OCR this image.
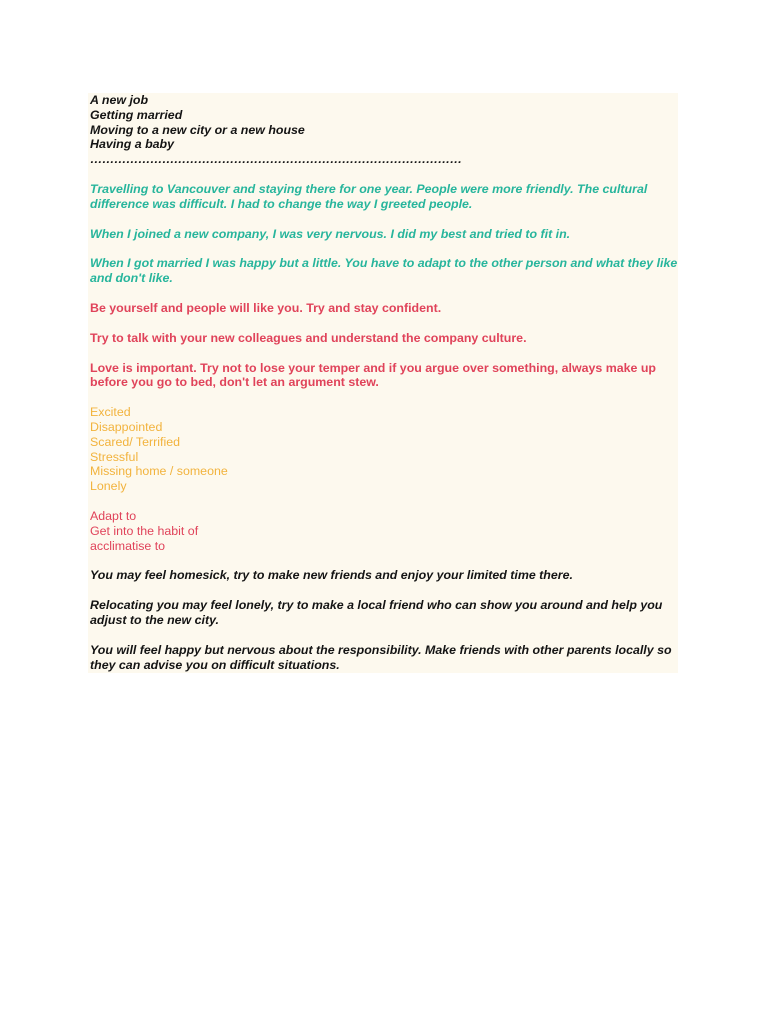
A new job
Getting married
Moving to a new city or a new house
Having a baby
…………………………………………………………………………………
Travelling to Vancouver and staying there for one year. People were more friendly. The cultural difference was difficult. I had to change the way I greeted people.
When I joined a new company, I was very nervous. I did my best and tried to fit in.
When I got married I was happy but a little. You have to adapt to the other person and what they like and don't like.
Be yourself and people will like you. Try and stay confident.
Try to talk with your new colleagues and understand the company culture.
Love is important. Try not to lose your temper and if you argue over something, always make up before you go to bed, don't let an argument stew.
Excited
Disappointed
Scared/ Terrified
Stressful
Missing home / someone
Lonely
Adapt to
Get into the habit of
acclimatise to
You may feel homesick, try to make new friends and enjoy your limited time there.
Relocating you may feel lonely, try to make a local friend who can show you around and help you adjust to the new city.
You will feel happy but nervous about the responsibility. Make friends with other parents locally so they can advise you on difficult situations.
